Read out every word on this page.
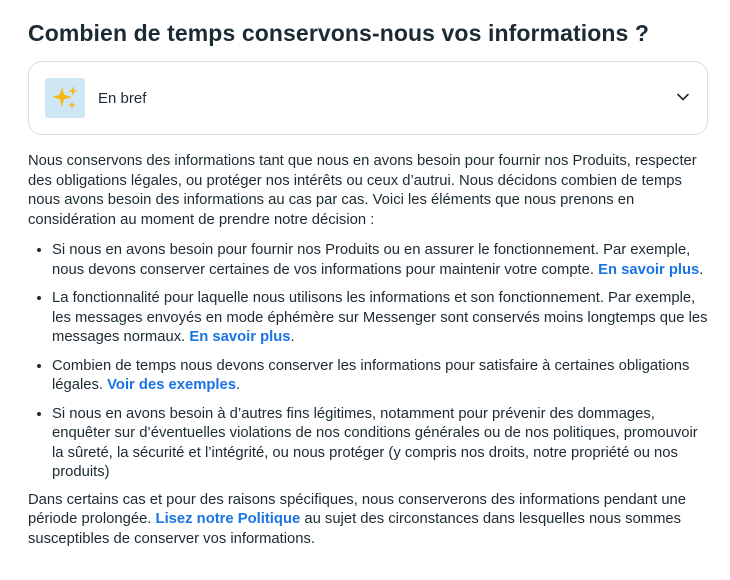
Combien de temps conservons-nous vos informations ?
En bref

Nous conservons des informations tant que nous en avons besoin pour fournir nos Produits, respecter des obligations légales, ou protéger nos intérêts ou ceux d’autrui. Nous décidons combien de temps nous avons besoin des informations au cas par cas. Voici les éléments que nous prenons en considération au moment de prendre notre décision :

• Si nous en avons besoin pour fournir nos Produits ou en assurer le fonctionnement. Par exemple, nous devons conserver certaines de vos informations pour maintenir votre compte. En savoir plus.
• La fonctionnalité pour laquelle nous utilisons les informations et son fonctionnement. Par exemple, les messages envoyés en mode éphémère sur Messenger sont conservés moins longtemps que les messages normaux. En savoir plus.
• Combien de temps nous devons conserver les informations pour satisfaire à certaines obligations légales. Voir des exemples.
• Si nous en avons besoin à d’autres fins légitimes, notamment pour prévenir des dommages, enquêter sur d’éventuelles violations de nos conditions générales ou de nos politiques, promouvoir la sûreté, la sécurité et l’intégrité, ou nous protéger (y compris nos droits, notre propriété ou nos produits)

Dans certains cas et pour des raisons spécifiques, nous conserverons des informations pendant une période prolongée. Lisez notre Politique au sujet des circonstances dans lesquelles nous sommes susceptibles de conserver vos informations.
